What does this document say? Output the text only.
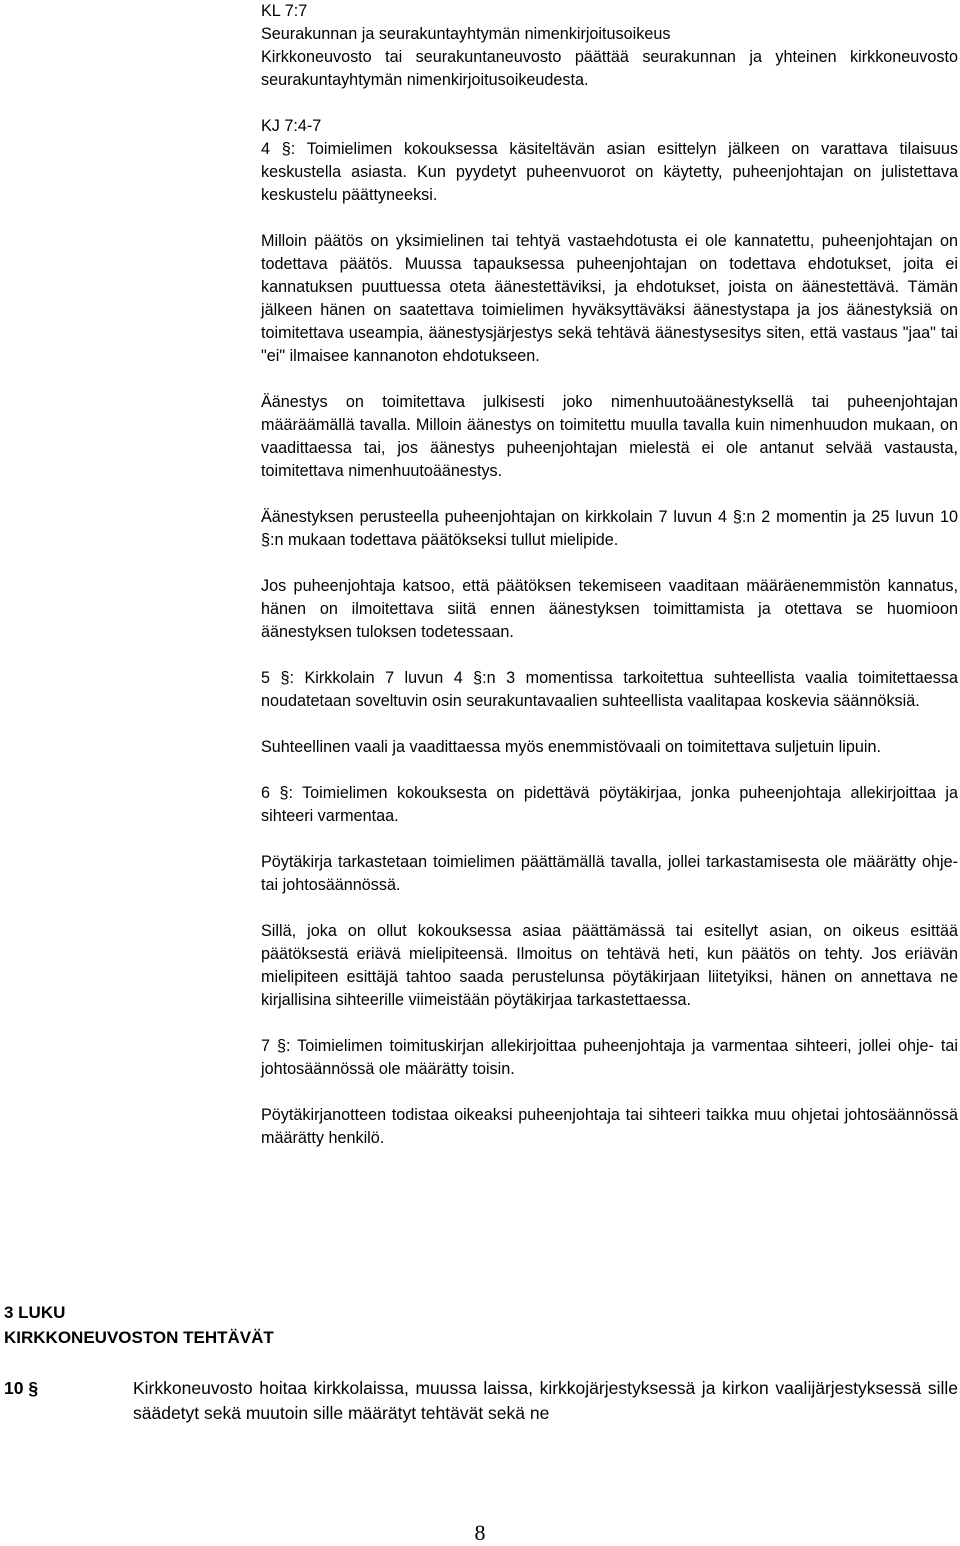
KL 7:7
Seurakunnan ja seurakuntayhtymän nimenkirjoitusoikeus
Kirkkoneuvosto tai seurakuntaneuvosto päättää seurakunnan ja yhteinen kirkkoneuvosto seurakuntayhtymän nimenkirjoitusoikeudesta.
KJ 7:4-7

4 §: Toimielimen kokouksessa käsiteltävän asian esittelyn jälkeen on varattava tilaisuus keskustella asiasta. Kun pyydetyt puheenvuorot on käytetty, puheenjohtajan on julistettava keskustelu päättyneeksi.

Milloin päätös on yksimielinen tai tehtyä vastaehdotusta ei ole kannatettu, puheenjohtajan on todettava päätös. Muussa tapauksessa puheenjohtajan on todettava ehdotukset, joita ei kannatuksen puuttuessa oteta äänestettäviksi, ja ehdotukset, joista on äänestettävä. Tämän jälkeen hänen on saatettava toimielimen hyväksyttäväksi äänestystapa ja jos äänestyksiä on toimitettava useampia, äänestysjärjestys sekä tehtävä äänestysesitys siten, että vastaus "jaa" tai "ei" ilmaisee kannanoton ehdotukseen.

Äänestys on toimitettava julkisesti joko nimenhuutoäänestyksellä tai puheenjohtajan määräämällä tavalla. Milloin äänestys on toimitettu muulla tavalla kuin nimenhuudon mukaan, on vaadittaessa tai, jos äänestys puheenjohtajan mielestä ei ole antanut selvää vastausta, toimitettava nimenhuutoäänestys.

Äänestyksen perusteella puheenjohtajan on kirkkolain 7 luvun 4 §:n 2 momentin ja 25 luvun 10 §:n mukaan todettava päätökseksi tullut mielipide.

Jos puheenjohtaja katsoo, että päätöksen tekemiseen vaaditaan määräenemmistön kannatus, hänen on ilmoitettava siitä ennen äänestyksen toimittamista ja otettava se huomioon äänestyksen tuloksen todetessaan.

5 §: Kirkkolain 7 luvun 4 §:n 3 momentissa tarkoitettua suhteellista vaalia toimitettaessa noudatetaan soveltuvin osin seurakuntavaalien suhteellista vaalitapaa koskevia säännöksiä.

Suhteellinen vaali ja vaadittaessa myös enemmistövaali on toimitettava suljetuin lipuin.

6 §: Toimielimen kokouksesta on pidettävä pöytäkirjaa, jonka puheenjohtaja allekirjoittaa ja sihteeri varmentaa.

Pöytäkirja tarkastetaan toimielimen päättämällä tavalla, jollei tarkastamisesta ole määrätty ohje- tai johtosäännössä.

Sillä, joka on ollut kokouksessa asiaa päättämässä tai esitellyt asian, on oikeus esittää päätöksestä eriävä mielipiteensä. Ilmoitus on tehtävä heti, kun päätös on tehty. Jos eriävän mielipiteen esittäjä tahtoo saada perustelunsa pöytäkirjaan liitetyiksi, hänen on annettava ne kirjallisina sihteerille viimeistään pöytäkirjaa tarkastettaessa.

7 §: Toimielimen toimituskirjan allekirjoittaa puheenjohtaja ja varmentaa sihteeri, jollei ohje- tai johtosäännössä ole määrätty toisin.

Pöytäkirjanotteen todistaa oikeaksi puheenjohtaja tai sihteeri taikka muu ohjetai johtosäännössä määrätty henkilö.

3 LUKU
KIRKKONEUVOSTON TEHTÄVÄT
10 §	Kirkkoneuvosto hoitaa kirkkolaissa, muussa laissa, kirkkojärjestyksessä ja kirkon vaalijärjestyksessä sille säädetyt sekä muutoin sille määrätyt tehtävät sekä ne
8
